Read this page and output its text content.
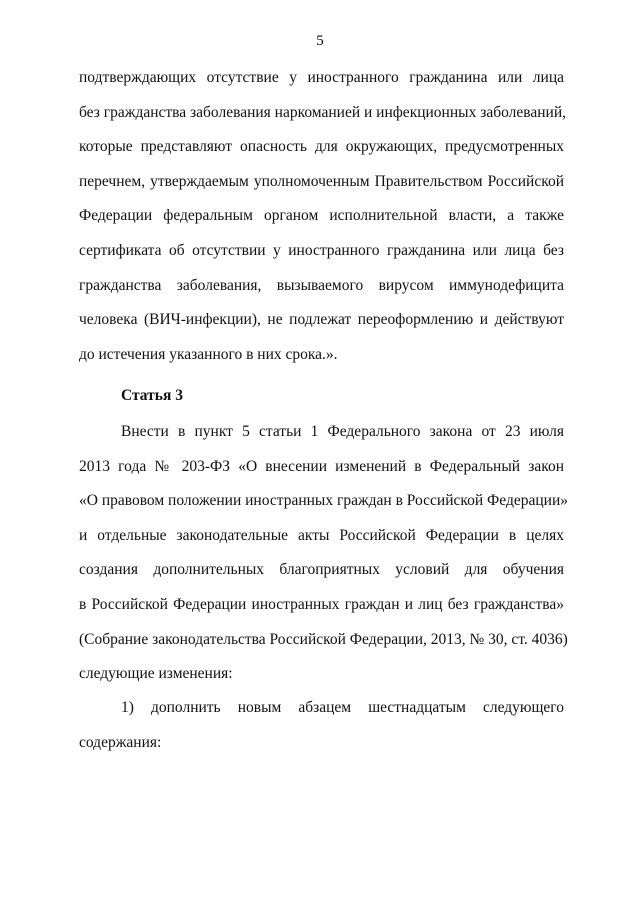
5
подтверждающих отсутствие у иностранного гражданина или лица
без гражданства заболевания наркоманией и инфекционных заболеваний,
которые представляют опасность для окружающих, предусмотренных
перечнем, утверждаемым уполномоченным Правительством Российской
Федерации федеральным органом исполнительной власти, а также
сертификата об отсутствии у иностранного гражданина или лица без
гражданства заболевания, вызываемого вирусом иммунодефицита
человека (ВИЧ-инфекции), не подлежат переоформлению и действуют
до истечения указанного в них срока.».
Статья 3
Внести в пункт 5 статьи 1 Федерального закона от 23 июля
2013 года № 203-ФЗ «О внесении изменений в Федеральный закон
«О правовом положении иностранных граждан в Российской Федерации»
и отдельные законодательные акты Российской Федерации в целях
создания дополнительных благоприятных условий для обучения
в Российской Федерации иностранных граждан и лиц без гражданства»
(Собрание законодательства Российской Федерации, 2013, № 30, ст. 4036)
следующие изменения:
1) дополнить новым абзацем шестнадцатым следующего
содержания:
